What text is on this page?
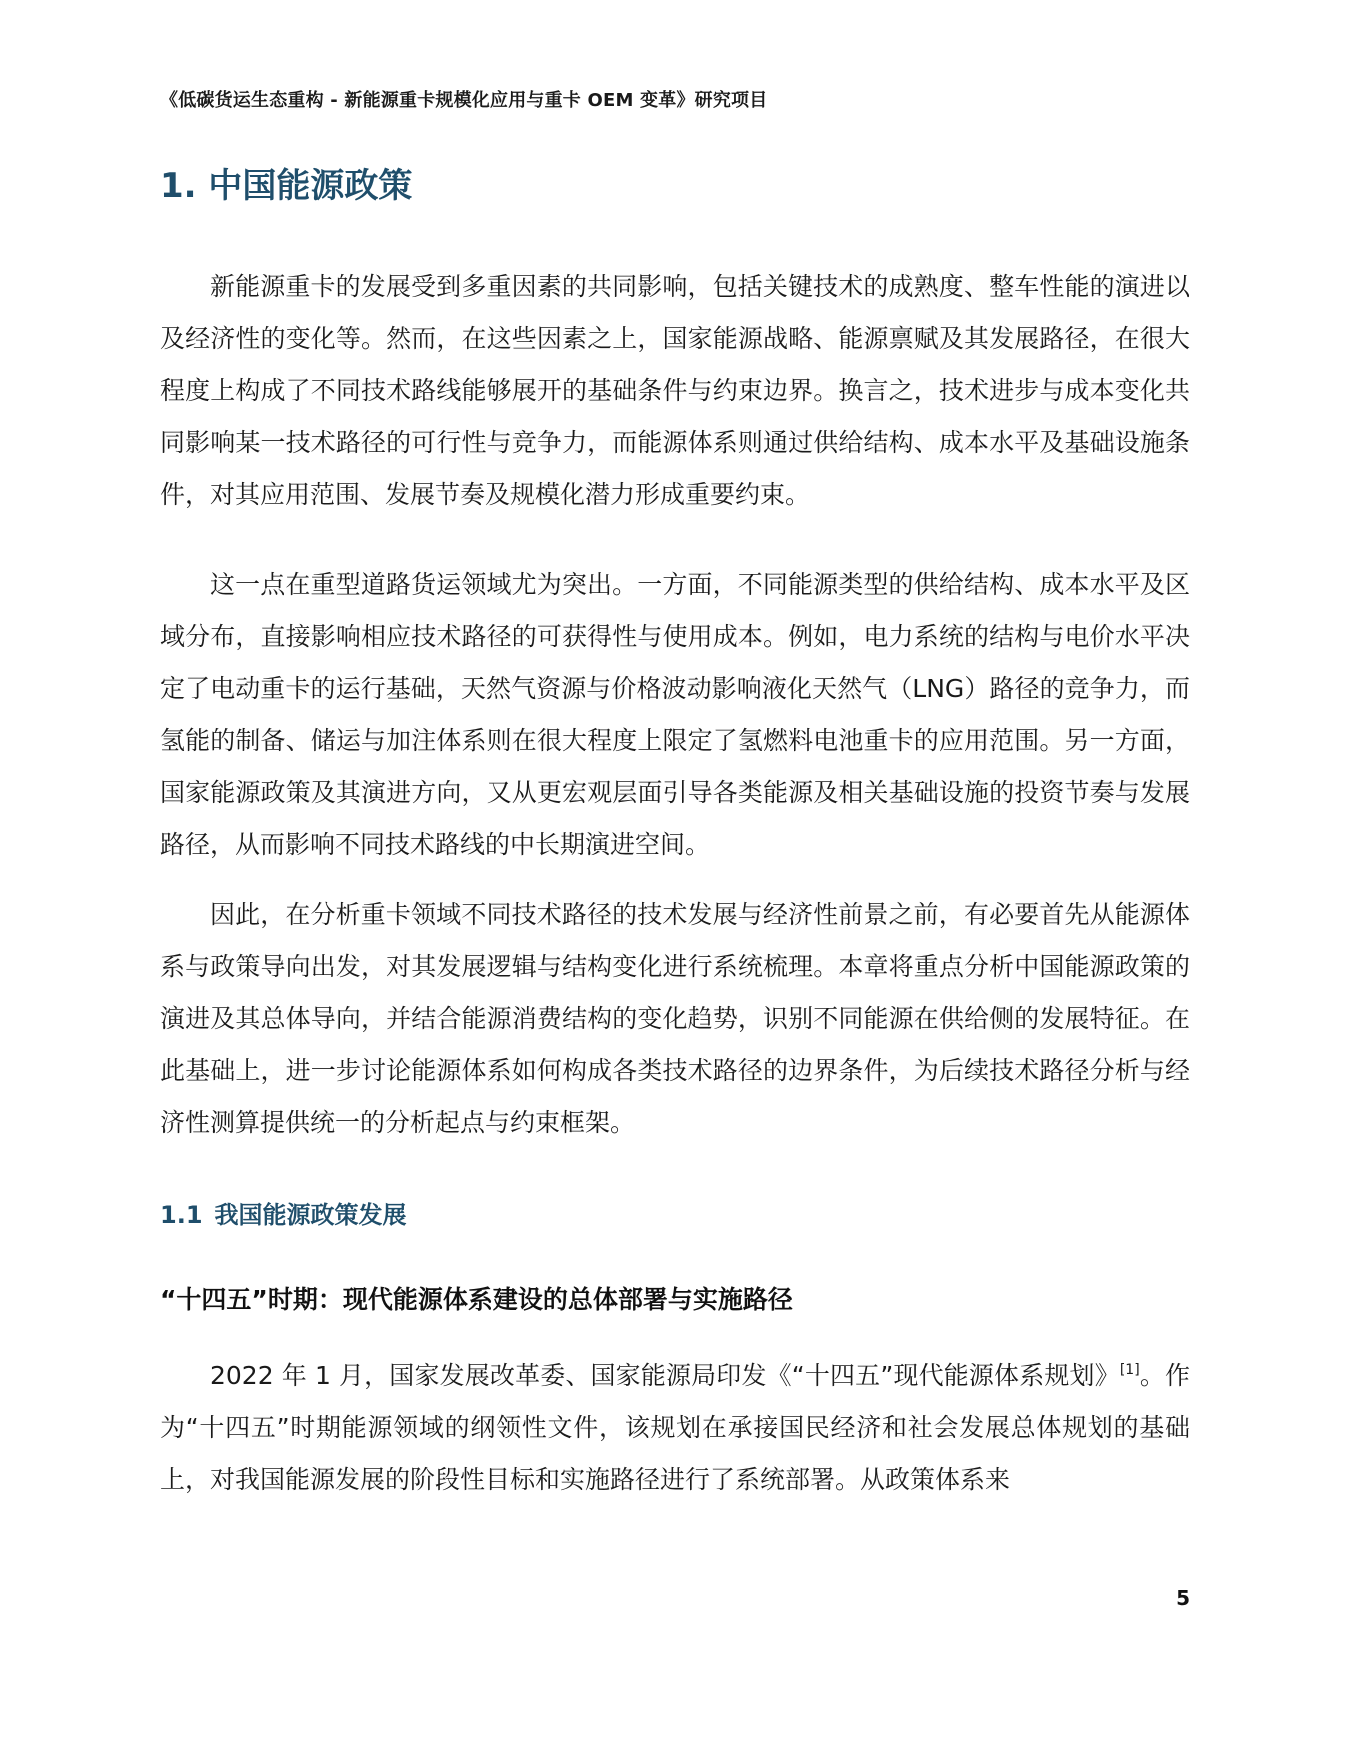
《低碳货运生态重构 - 新能源重卡规模化应用与重卡 OEM 变革》研究项目
1. 中国能源政策

新能源重卡的发展受到多重因素的共同影响，包括关键技术的成熟度、整车性能的演进以及经济性的变化等。然而，在这些因素之上，国家能源战略、能源禀赋及其发展路径，在很大程度上构成了不同技术路线能够展开的基础条件与约束边界。换言之，技术进步与成本变化共同影响某一技术路径的可行性与竞争力，而能源体系则通过供给结构、成本水平及基础设施条件，对其应用范围、发展节奏及规模化潜力形成重要约束。

这一点在重型道路货运领域尤为突出。一方面，不同能源类型的供给结构、成本水平及区域分布，直接影响相应技术路径的可获得性与使用成本。例如，电力系统的结构与电价水平决定了电动重卡的运行基础，天然气资源与价格波动影响液化天然气（LNG）路径的竞争力，而氢能的制备、储运与加注体系则在很大程度上限定了氢燃料电池重卡的应用范围。另一方面，国家能源政策及其演进方向，又从更宏观层面引导各类能源及相关基础设施的投资节奏与发展路径，从而影响不同技术路线的中长期演进空间。

因此，在分析重卡领域不同技术路径的技术发展与经济性前景之前，有必要首先从能源体系与政策导向出发，对其发展逻辑与结构变化进行系统梳理。本章将重点分析中国能源政策的演进及其总体导向，并结合能源消费结构的变化趋势，识别不同能源在供给侧的发展特征。在此基础上，进一步讨论能源体系如何构成各类技术路径的边界条件，为后续技术路径分析与经济性测算提供统一的分析起点与约束框架。

1.1 我国能源政策发展
“十四五”时期：现代能源体系建设的总体部署与实施路径

2022 年 1 月，国家发展改革委、国家能源局印发《“十四五”现代能源体系规划》[1]。作为“十四五”时期能源领域的纲领性文件，该规划在承接国民经济和社会发展总体规划的基础上，对我国能源发展的阶段性目标和实施路径进行了系统部署。从政策体系来

5
